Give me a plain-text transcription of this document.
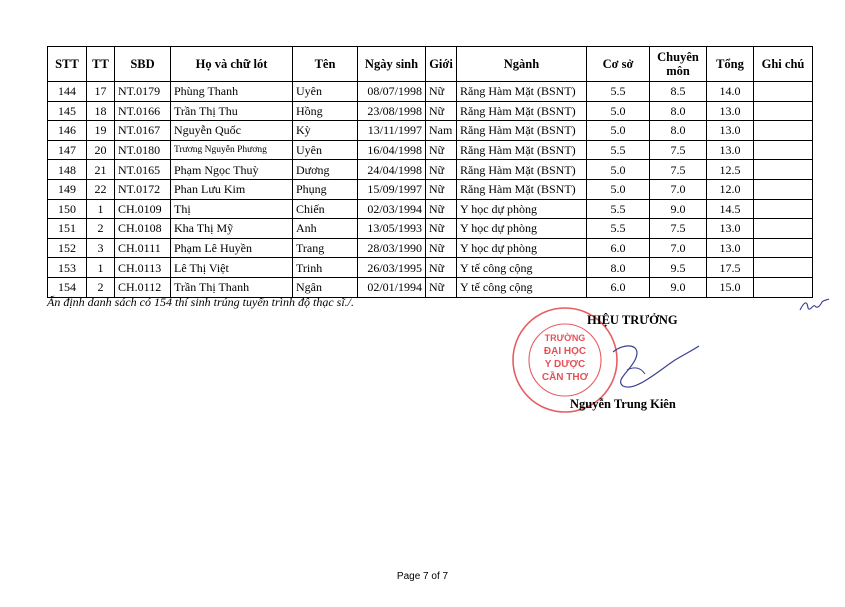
STT	TT	SBD	Họ và chữ lót	Tên	Ngày sinh	Giới	Ngành	Cơ sở	Chuyên môn	Tổng	Ghi chú
144	17	NT.0179	Phùng Thanh	Uyên	08/07/1998	Nữ	Răng Hàm Mặt (BSNT)	5.5	8.5	14.0	
145	18	NT.0166	Trần Thị Thu	Hồng	23/08/1998	Nữ	Răng Hàm Mặt (BSNT)	5.0	8.0	13.0	
146	19	NT.0167	Nguyễn Quốc	Kỳ	13/11/1997	Nam	Răng Hàm Mặt (BSNT)	5.0	8.0	13.0	
147	20	NT.0180	Trương Nguyễn Phương	Uyên	16/04/1998	Nữ	Răng Hàm Mặt (BSNT)	5.5	7.5	13.0	
148	21	NT.0165	Phạm Ngọc Thuỳ	Dương	24/04/1998	Nữ	Răng Hàm Mặt (BSNT)	5.0	7.5	12.5	
149	22	NT.0172	Phan Lưu Kim	Phụng	15/09/1997	Nữ	Răng Hàm Mặt (BSNT)	5.0	7.0	12.0	
150	1	CH.0109	Thị	Chiến	02/03/1994	Nữ	Y học dự phòng	5.5	9.0	14.5	
151	2	CH.0108	Kha Thị Mỹ	Anh	13/05/1993	Nữ	Y học dự phòng	5.5	7.5	13.0	
152	3	CH.0111	Phạm Lê Huyền	Trang	28/03/1990	Nữ	Y học dự phòng	6.0	7.0	13.0	
153	1	CH.0113	Lê Thị Việt	Trinh	26/03/1995	Nữ	Y tế công cộng	8.0	9.5	17.5	
154	2	CH.0112	Trần Thị Thanh	Ngân	02/01/1994	Nữ	Y tế công cộng	6.0	9.0	15.0	
Ấn định danh sách có 154 thí sinh trúng tuyển trình độ thạc sĩ./.
TRƯỜNG
ĐẠI HỌC
Y DƯỢC
CẦN THƠ
HIỆU TRƯỞNG
Nguyễn Trung Kiên
Page 7 of 7
